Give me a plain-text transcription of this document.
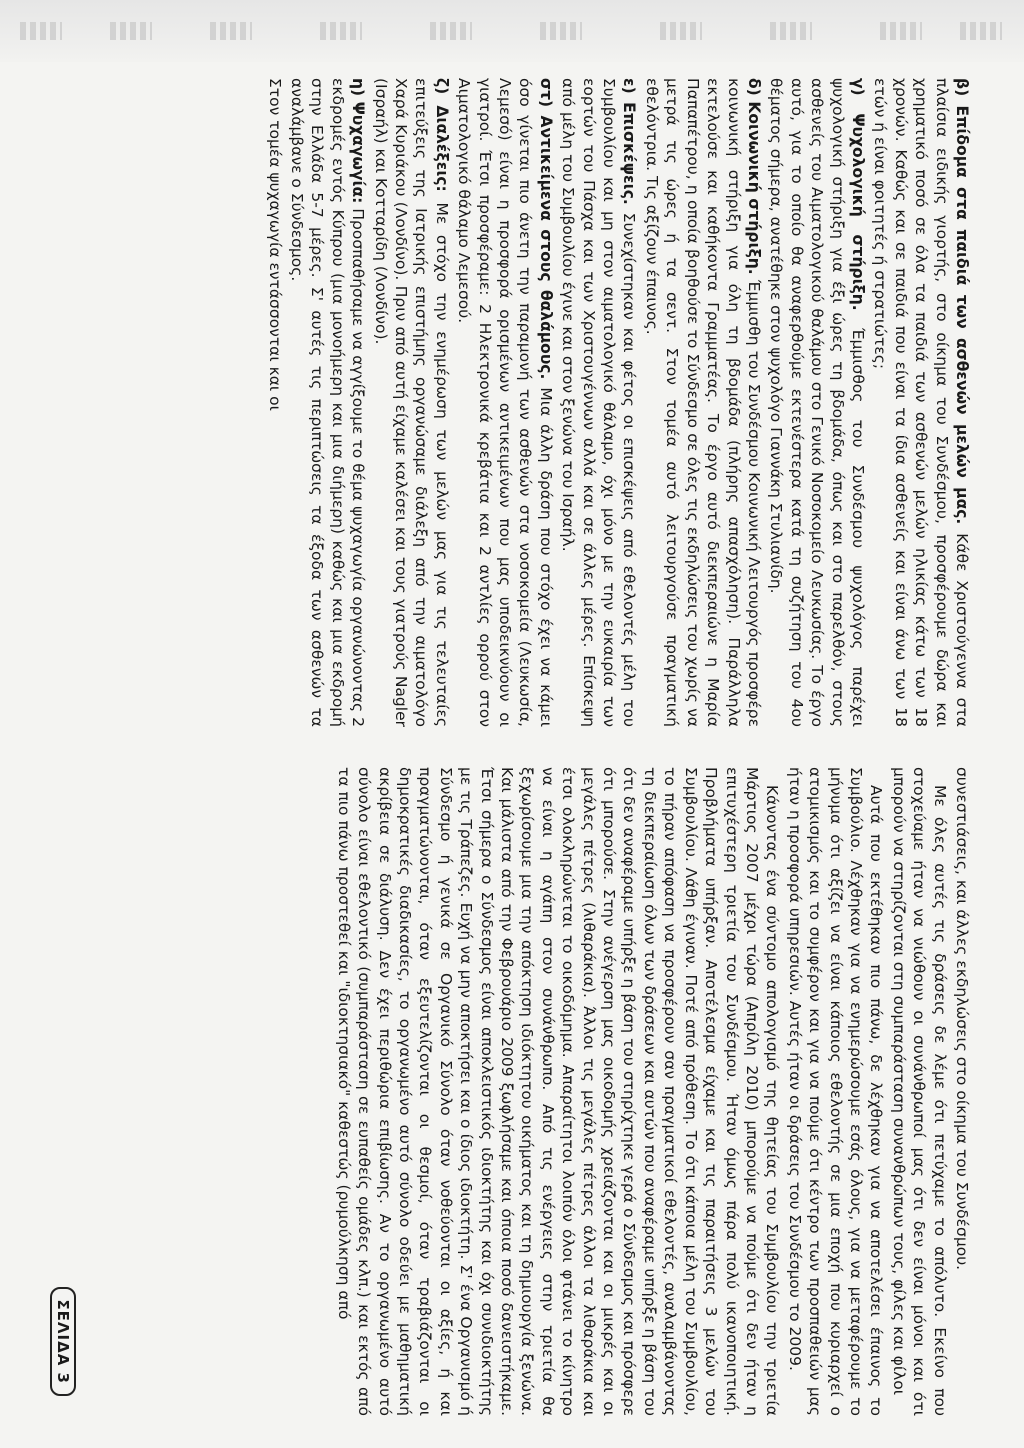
β) Επίδομα στα παιδιά των ασθενών μελών μας. Κάθε Χριστούγεννα στα πλαίσια ειδικής γιορτής, στο οίκημα του Συνδέσμου, προσφέρουμε δώρα και χρηματικό ποσό σε όλα τα παιδιά των ασθενών μελών ηλικίας κάτω των 18 χρονών. Καθώς και σε παιδιά που είναι τα ίδια ασθενείς και είναι άνω των 18 ετών ή είναι φοιτητές ή στρατιώτες;

γ) Ψυχολογική στήριξη. Έμμισθος του Συνδέσμου ψυχολόγος παρέχει ψυχολογική στήριξη για έξι ώρες τη βδομάδα, όπως και στο παρελθόν, στους ασθενείς του Αιματολογικού θαλάμου στο Γενικό Νοσοκομείο Λευκωσίας. Το έργο αυτό, για το οποίο θα αναφερθούμε εκτενέστερα κατά τη συζήτηση του 4ου θέματος σήμερα, ανατέθηκε στον ψυχολόγο Γιαννάκη Στυλιανίδη.

δ) Κοινωνική στήριξη. Έμμισθη του Συνδέσμου Κοινωνική Λειτουργός προσφέρε κοινωνική στήριξη για όλη τη βδομάδα (πλήρης απασχόληση). Παράλληλα εκτελούσε και καθήκοντα Γραμματέας. Το έργο αυτό διεκπεραιώνε η Μαρία Παπαπέτρου, η οποία βοηθούσε το Σύνδεσμο σε όλες τις εκδηλώσεις του χωρίς να μετρά τις ώρες ή τα σεντ. Στον τομέα αυτό λειτουργούσε πραγματική εθελόντρια. Τις αξίζουν έπαινος.

ε) Επισκέψεις. Συνεχίστηκαν και φέτος οι επισκέψεις από εθελοντές μέλη του Συμβουλίου και μη στον αιματολογικό θάλαμο, όχι μόνο με την ευκαιρία των εορτών του Πάσχα και των Χριστουγέννων αλλά και σε άλλες μέρες. Επίσκεψη από μέλη του Συμβουλίου έγινε και στον ξενώνα του Ισραήλ.

στ) Αντικείμενα στους θαλάμους. Μια άλλη δράση που στόχο έχει να κάμει όσο γίνεται πιο άνετη την παραμονή των ασθενών στα νοσοκομεία (Λευκωσία, Λεμεσό) είναι η προσφορά ορισμένων αντικειμένων που μας υποδεικνύουν οι γιατροί. Έτσι προσφέραμε: 2 Ηλεκτρονικά κρεβάτια και 2 αντλίες ορρού στον Αιματολογικό θάλαμο Λεμεσού.

ζ) Διαλέξεις: Με στόχο την ενημέρωση των μελών μας για τις τελευταίες επιτεύξεις της Ιατρικής επιστήμης οργανώσαμε διάλεξη από την αιματολόγο Χαρά Κυριάκου (Λονδίνο). Πριν από αυτή είχαμε καλέσει και τους γιατρούς Nagler (Ισραήλ) και Κοτταρίδη (Λονδίνο).

η) Ψυχαγωγία: Προσπαθήσαμε να αγγίξουμε το θέμα ψυχαγωγία οργανώνοντας 2 εκδρομές εντός Κύπρου (μια μονοήμερη και μια διήμερη) καθώς και μια εκδρομή στην Ελλάδα 5-7 μέρες. Σ' αυτές τις περιπτώσεις τα έξοδα των ασθενών τα αναλάμβανε ο Σύνδεσμος.

Στον τομέα ψυχαγωγία εντάσσονται και οι

συνεστιάσεις, και άλλες εκδηλώσεις στο οίκημα του Συνδέσμου.

Με όλες αυτές τις δράσεις δε λέμε ότι πετύχαμε το απόλυτο. Εκείνο που στοχεύαμε ήταν να νιώθουν οι συνάνθρωποί μας ότι δεν είναι μόνοι και ότι μπορούν να στηρίζονται στη συμπαράσταση συνανθρώπων τους, φίλες και φίλοι

Αυτά που εκτέθηκαν πιο πάνω, δε λέχθηκαν για να αποτελέσει έπαινος το Συμβούλιο. Λέχθηκαν για να ενημερώσουμε εσάς όλους, για να μεταφέρουμε το μήνυμα ότι αξίζει να είναι κάποιος εθελοντής σε μια εποχή που κυριαρχεί ο ατομικισμός και το συμφέρον και για να πούμε ότι κέντρο των προσπαθειών μας ήταν η προσφορά υπηρεσιών. Αυτές ήταν οι δράσεις του Συνδέσμου το 2009.

Κάνοντας ένα σύντομο απολογισμό της θητείας του Συμβουλίου την τριετία Μάρτιος 2007 μέχρι τώρα (Απρίλη 2010) μπορούμε να πούμε ότι δεν ήταν η επιτυχέστερη τριετία του Συνδέσμου. Ήταν όμως πάρα πολύ ικανοποιητική. Προβλήματα υπήρξαν. Αποτέλεσμα είχαμε και τις παραιτήσεις 3 μελών του Συμβουλίου. Λάθη έγιναν. Ποτέ από πρόθεση. Το ότι κάποια μέλη του Συμβουλίου, το πήραν απόφαση να προσφέρουν σαν πραγματικοί εθελοντές, αναλαμβάνοντας τη διεκπεραίωση όλων των δράσεων και αυτών που αναφέραμε υπήρξε η βάση του ότι δεν αναφέραμε υπήρξε η βάση του στηρίχτηκε γερά ο Σύνδεσμος και πρόσφερε ότι μπορούσε. Στην ανέγερση μας οικοδομής χρειάζονται και οι μικρές και οι μεγάλες πέτρες (λιθαράκια). Άλλοι τις μεγάλες πέτρες άλλοι τα λιθαράκια και έτσι ολοκληρώνεται το οικοδόμημα. Απαραίτητοι λοιπόν όλοι φτάνει το κίνητρο να είναι η αγάπη στον συνάνθρωπο. Από τις ενέργειες στην τριετία θα ξεχωρίσουμε μια την απόκτηση ιδιόκτητου οικήματος και τη δημιουργία ξενώνα. Και μάλιστα από την Φεβρουάριο 2009 ξωφλήσαμε και όποια ποσό δανειστήκαμε. Έτσι σήμερα ο Σύνδεσμος είναι αποκλειστικός ιδιοκτήτης και όχι συνιδιοκτήτης με τις Τράπεζες. Ευχή να μην αποκτήσει και ο ίδιος ιδιοκτήτη. Σ' ένα Οργανισμό ή Σύνδεσμο ή γενικά σε Οργανικό Σύνολο όταν νοθεύονται οι αξίες, ή και πραγματώνονται, όταν εξευτελίζονται οι θεσμοί, όταν τραβιάζονται οι δημοκρατικές διαδικασίες, το οργανωμένο αυτό σύνολο οδεύει με μαθηματική ακρίβεια σε διάλυση. Δεν έχει περιθώρια επιβίωσης. Αν το οργανωμένο αυτό σύνολο είναι εθελοντικό (συμπαράσταση σε ευπαθείς ομάδες κλπ.) και εκτός από τα πιο πάνω προστεθεί και "ιδιοκτησιακό" καθεστώς (ρυμούλκηση από

ΣΕΛΙΔΑ 3
